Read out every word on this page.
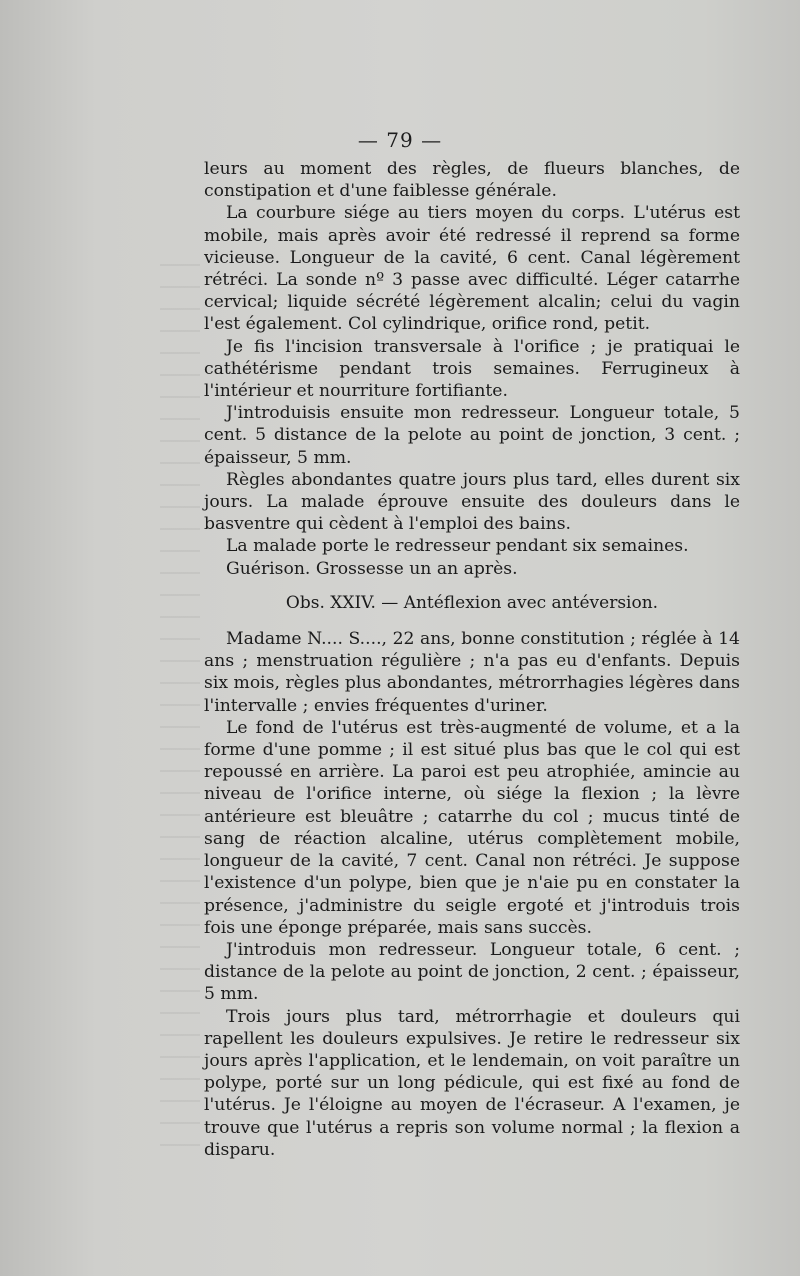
— 79 —

leurs au moment des règles, de flueurs blanches, de constipation et d'une faiblesse générale.

La courbure siége au tiers moyen du corps. L'utérus est mobile, mais après avoir été redressé il reprend sa forme vicieuse. Longueur de la cavité, 6 cent. Canal légèrement rétréci. La sonde nº 3 passe avec difficulté. Léger catarrhe cervical; liquide sécrété légèrement alcalin; celui du vagin l'est également. Col cylindrique, orifice rond, petit.

Je fis l'incision transversale à l'orifice ; je pratiquai le cathétérisme pendant trois semaines. Ferrugineux à l'intérieur et nourriture fortifiante.

J'introduisis ensuite mon redresseur. Longueur totale, 5 cent. 5 distance de la pelote au point de jonction, 3 cent. ; épaisseur, 5 mm.

Règles abondantes quatre jours plus tard, elles durent six jours. La malade éprouve ensuite des douleurs dans le basventre qui cèdent à l'emploi des bains.

La malade porte le redresseur pendant six semaines.

Guérison. Grossesse un an après.

Obs. XXIV. — Antéflexion avec antéversion.

Madame N.... S...., 22 ans, bonne constitution ; réglée à 14 ans ; menstruation régulière ; n'a pas eu d'enfants. Depuis six mois, règles plus abondantes, métrorrhagies légères dans l'intervalle ; envies fréquentes d'uriner.

Le fond de l'utérus est très-augmenté de volume, et a la forme d'une pomme ; il est situé plus bas que le col qui est repoussé en arrière. La paroi est peu atrophiée, amincie au niveau de l'orifice interne, où siége la flexion ; la lèvre antérieure est bleuâtre ; catarrhe du col ; mucus tinté de sang de réaction alcaline, utérus complètement mobile, longueur de la cavité, 7 cent. Canal non rétréci. Je suppose l'existence d'un polype, bien que je n'aie pu en constater la présence, j'administre du seigle ergoté et j'introduis trois fois une éponge préparée, mais sans succès.

J'introduis mon redresseur. Longueur totale, 6 cent. ; distance de la pelote au point de jonction, 2 cent. ; épaisseur, 5 mm.

Trois jours plus tard, métrorrhagie et douleurs qui rapellent les douleurs expulsives. Je retire le redresseur six jours après l'application, et le lendemain, on voit paraître un polype, porté sur un long pédicule, qui est fixé au fond de l'utérus. Je l'éloigne au moyen de l'écraseur. A l'examen, je trouve que l'utérus a repris son volume normal ; la flexion a disparu.
